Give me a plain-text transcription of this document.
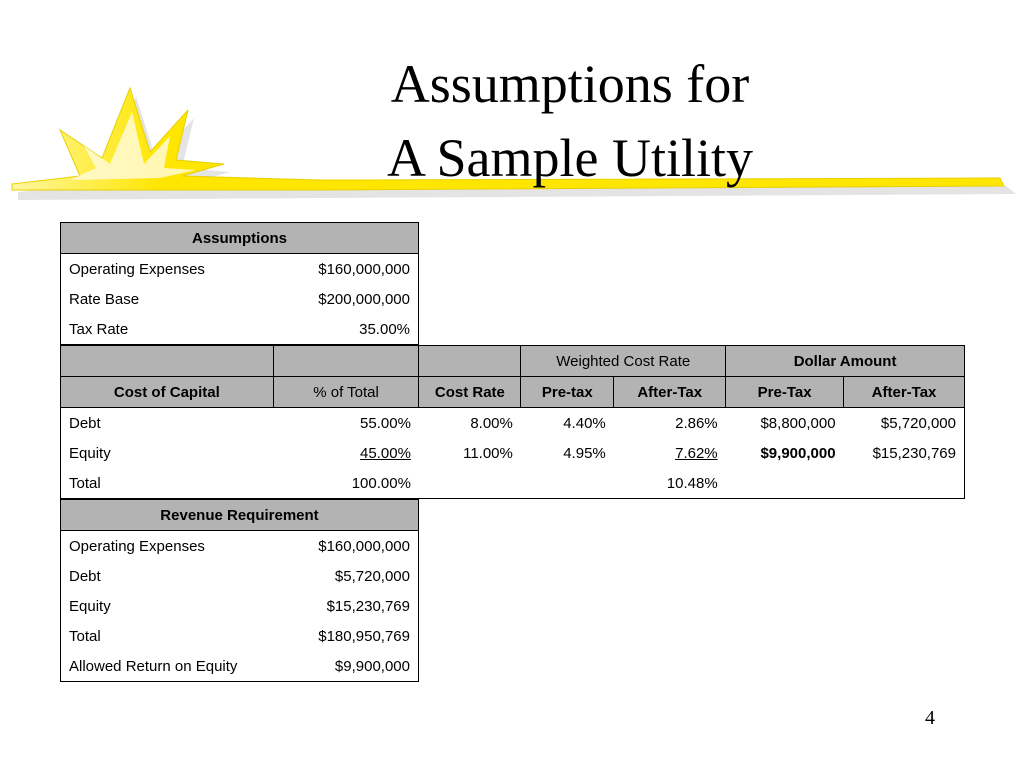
Assumptions for
A Sample Utility
Assumptions	
Operating Expenses	$160,000,000
Rate Base	$200,000,000
Tax Rate	35.00%
			Weighted Cost Rate		Dollar Amount	
Cost of Capital	% of Total	Cost Rate	Pre-tax	After-Tax	Pre-Tax	After-Tax
Debt	55.00%	8.00%	4.40%	2.86%	$8,800,000	$5,720,000
Equity	45.00%	11.00%	4.95%	7.62%	$9,900,000	$15,230,769
Total	100.00%			10.48%		
Revenue Requirement	
Operating Expenses	$160,000,000
Debt	$5,720,000
Equity	$15,230,769
Total	$180,950,769
Allowed Return on Equity	$9,900,000
4
